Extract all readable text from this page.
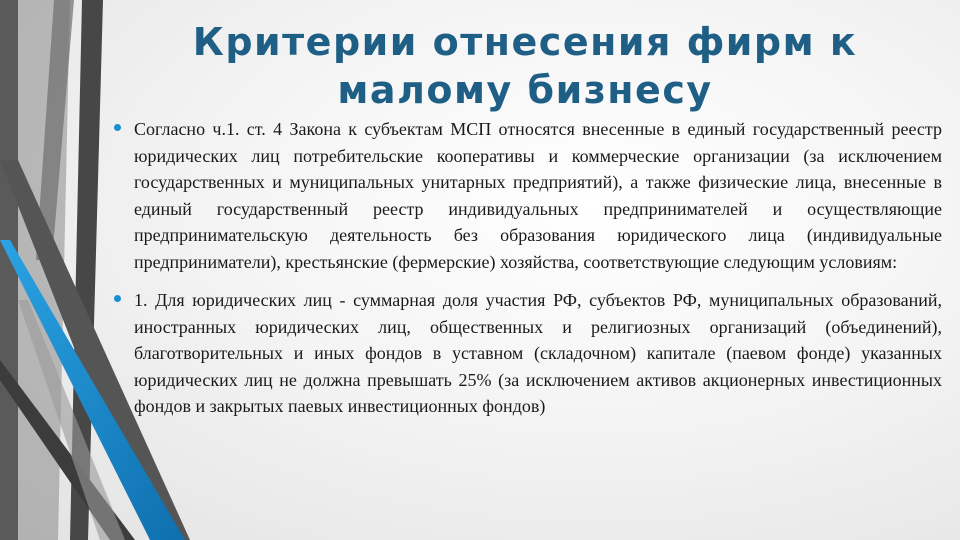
Критерии отнесения фирм к малому бизнесу
Согласно ч.1. ст. 4 Закона к субъектам МСП относятся внесенные в единый государственный реестр юридических лиц потребительские кооперативы и коммерческие организации (за исключением государственных и муниципальных унитарных предприятий), а также физические лица, внесенные в единый государственный реестр индивидуальных предпринимателей и осуществляющие предпринимательскую деятельность без образования юридического лица (индивидуальные предприниматели), крестьянские (фермерские) хозяйства, соответствующие следующим условиям:
1. Для юридических лиц - суммарная доля участия РФ, субъектов РФ, муниципальных образований, иностранных юридических лиц, общественных и религиозных организаций (объединений), благотворительных и иных фондов в уставном (складочном) капитале (паевом фонде) указанных юридических лиц не должна превышать 25% (за исключением активов акционерных инвестиционных фондов и закрытых паевых инвестиционных фондов)
